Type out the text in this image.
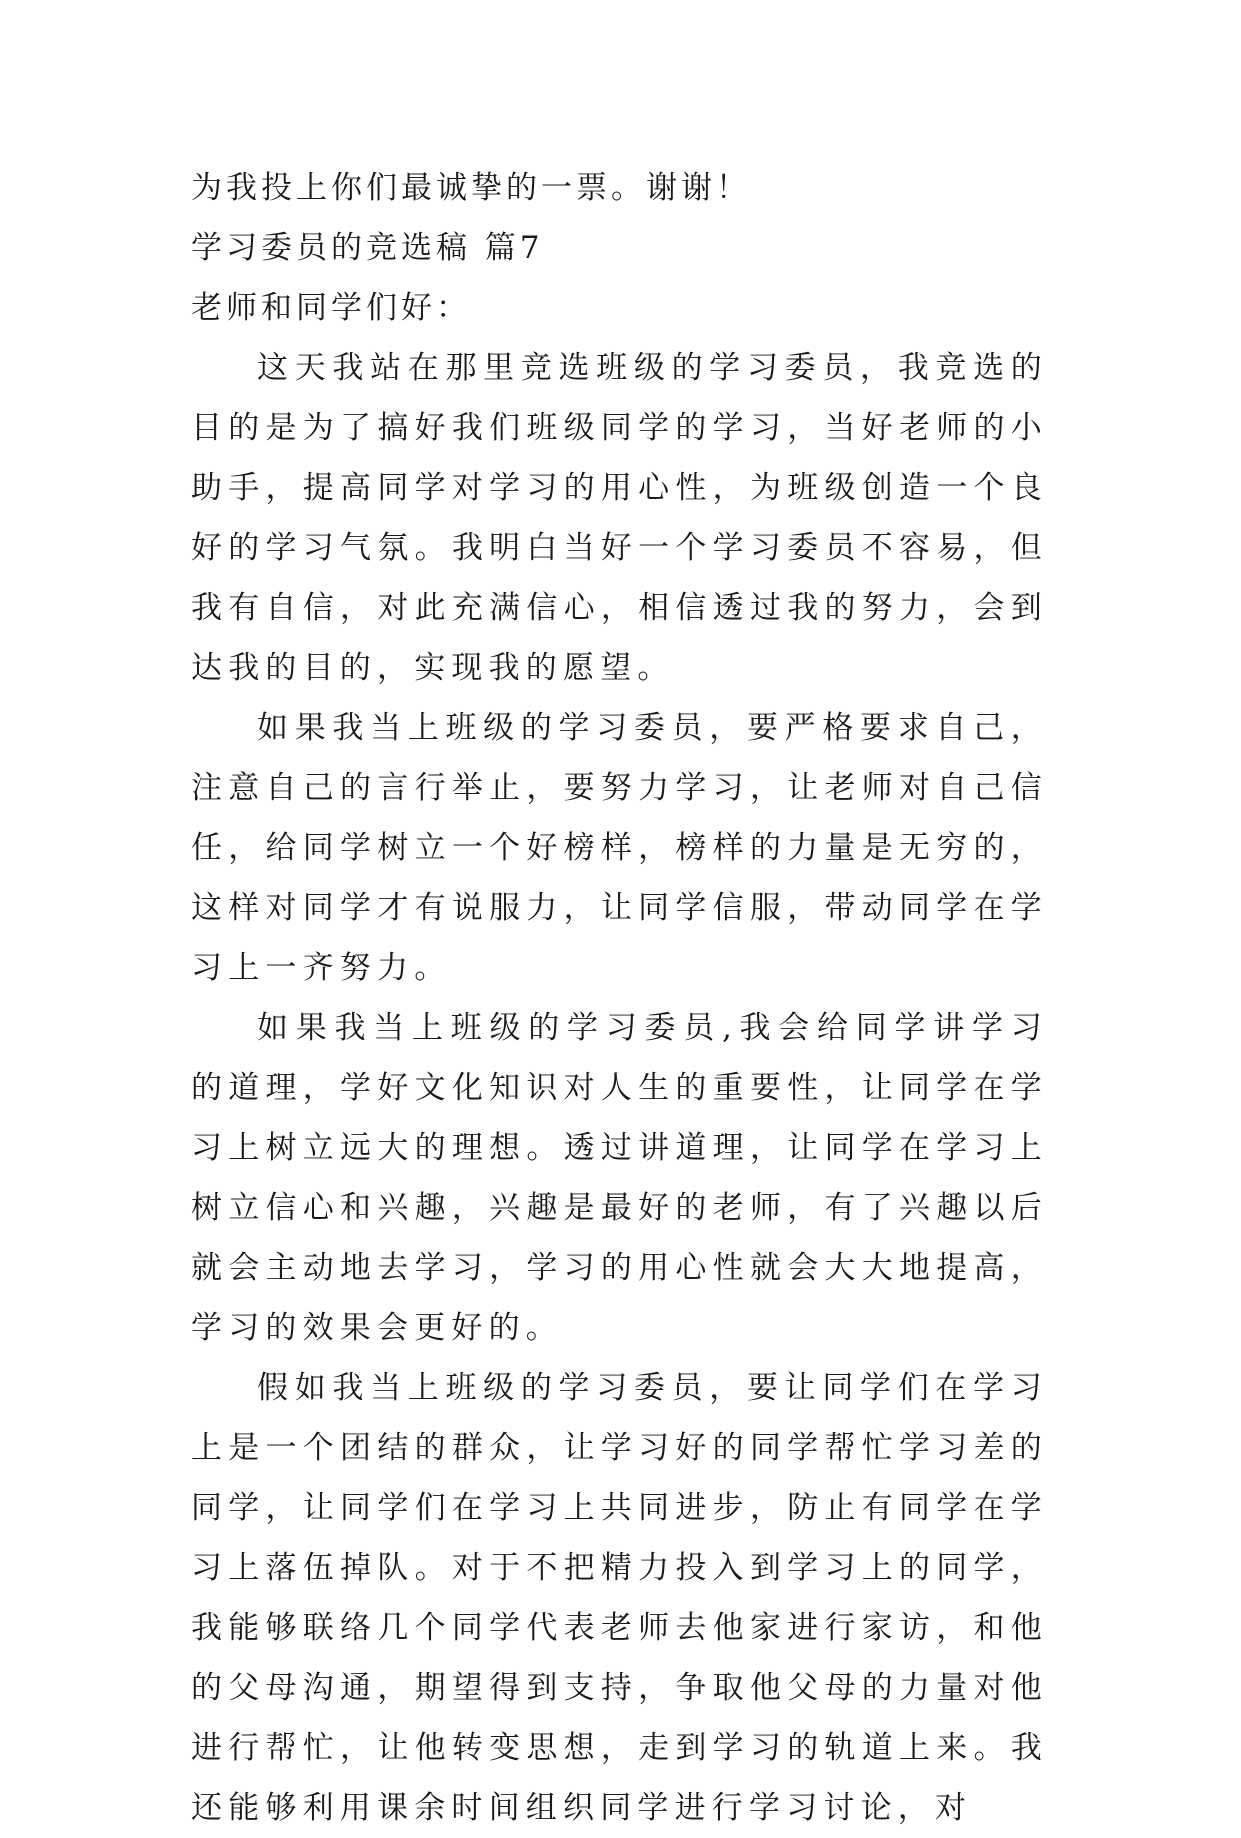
为我投上你们最诚挚的一票。谢谢！

学习委员的竞选稿 篇7

老师和同学们好：

这天我站在那里竞选班级的学习委员，我竞选的目的是为了搞好我们班级同学的学习，当好老师的小助手，提高同学对学习的用心性，为班级创造一个良好的学习气氛。我明白当好一个学习委员不容易，但我有自信，对此充满信心，相信透过我的努力，会到达我的目的，实现我的愿望。

如果我当上班级的学习委员，要严格要求自己，注意自己的言行举止，要努力学习，让老师对自己信任，给同学树立一个好榜样，榜样的力量是无穷的，这样对同学才有说服力，让同学信服，带动同学在学习上一齐努力。

如果我当上班级的学习委员,我会给同学讲学习的道理，学好文化知识对人生的重要性，让同学在学习上树立远大的理想。透过讲道理，让同学在学习上树立信心和兴趣，兴趣是最好的老师，有了兴趣以后就会主动地去学习，学习的用心性就会大大地提高，学习的效果会更好的。

假如我当上班级的学习委员，要让同学们在学习上是一个团结的群众，让学习好的同学帮忙学习差的同学，让同学们在学习上共同进步，防止有同学在学习上落伍掉队。对于不把精力投入到学习上的同学，我能够联络几个同学代表老师去他家进行家访，和他的父母沟通，期望得到支持，争取他父母的力量对他进行帮忙，让他转变思想，走到学习的轨道上来。我还能够利用课余时间组织同学进行学习讨论，对
